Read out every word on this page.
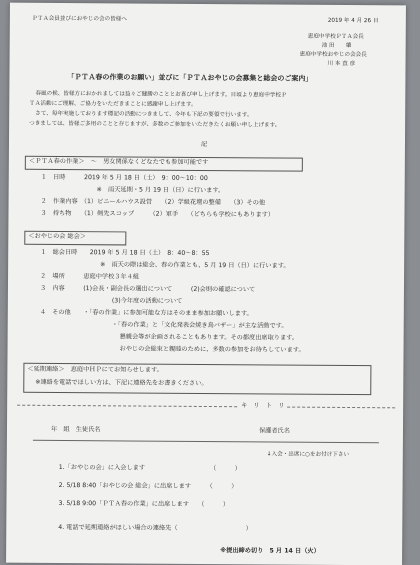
ＰＴＡ会員並びにおやじの会の皆様へ	2019 年 4 月 26 日
恵庭中学校ＰＴＡ会長
池 田　　肇
恵庭中学校おやじの会会長
川 本 直 彦
「ＰＴＡ春の作業のお願い」並びに「ＰＴＡおやじの会募集と総会のご案内」
春風の候、皆様方におかれましては益々ご健勝のこととお喜び申し上げます。日頃より恵庭中学校Ｐ
ＴＡ活動にご理解、ご協力をいただきまことに感謝申し上げます。
さて、毎年実施しております標記の活動につきまして、今年も下記の要領で行います。
つきましては、皆様ご多用のことと存じますが、多数のご参加をいただきたくお願い申し上げます。
記
＜ＰＴＡ春の作業＞　～　男女関係なくどなたでも参加可能です
１　日時　　　2019 年 5 月 18 日（土）　9：00～10：00
※　雨天延期・5 月 19 日（日）に行います。
２　作業内容　（1）ビニールハウス設営　　（2）学級花壇の整備　　（3）その他
３　持ち物　　（1）剣先スコップ　　　（2）軍手　　（どちらも学校にもあります）
＜おやじの会 総会＞
１　総会日時　　2019 年 5 月 18 日（土）　8：40～8：55
※　雨天の際は総会、春の作業とも、5 月 19 日（日）に行います。
２　場所　　　恵庭中学校３年４組
３　内容　　　(1)会長・副会長の選出について　　　(2)会則の確認について
(3)今年度の活動について
４　その他　　・「春の作業」に参加可能な方はそのまま参加お願いします。
・「春の作業」と「文化発表会焼き鳥バザー」が主な活動です。
懇親会等が企画されることもあります。その都度出席取ります。
おやじの会総束と親睦のために、多数の参加をお待ちしています。
＜延期連絡＞　恵庭中ＨＰにてお知らせします。
※連絡を電話でほしい方は、下記に連絡先をお書きください。
キ　リ　ト　リ
年　組　生徒氏名	保護者氏名
↓入会・出席に○をお付け下さい
1.「おやじの会」に入会します　　　　　　　　　　　（　　　）
2. 5/18 8:40「おやじの会 総会」に出席します　　　（　　　）
3. 5/18 9:00「ＰＴＡ春の作業」に出席します　　（　　　）
4. 電話で延期連絡がほしい場合の連絡先（　　　　　　　　　　　）
※提出締め切り　5 月 14 日（火）
